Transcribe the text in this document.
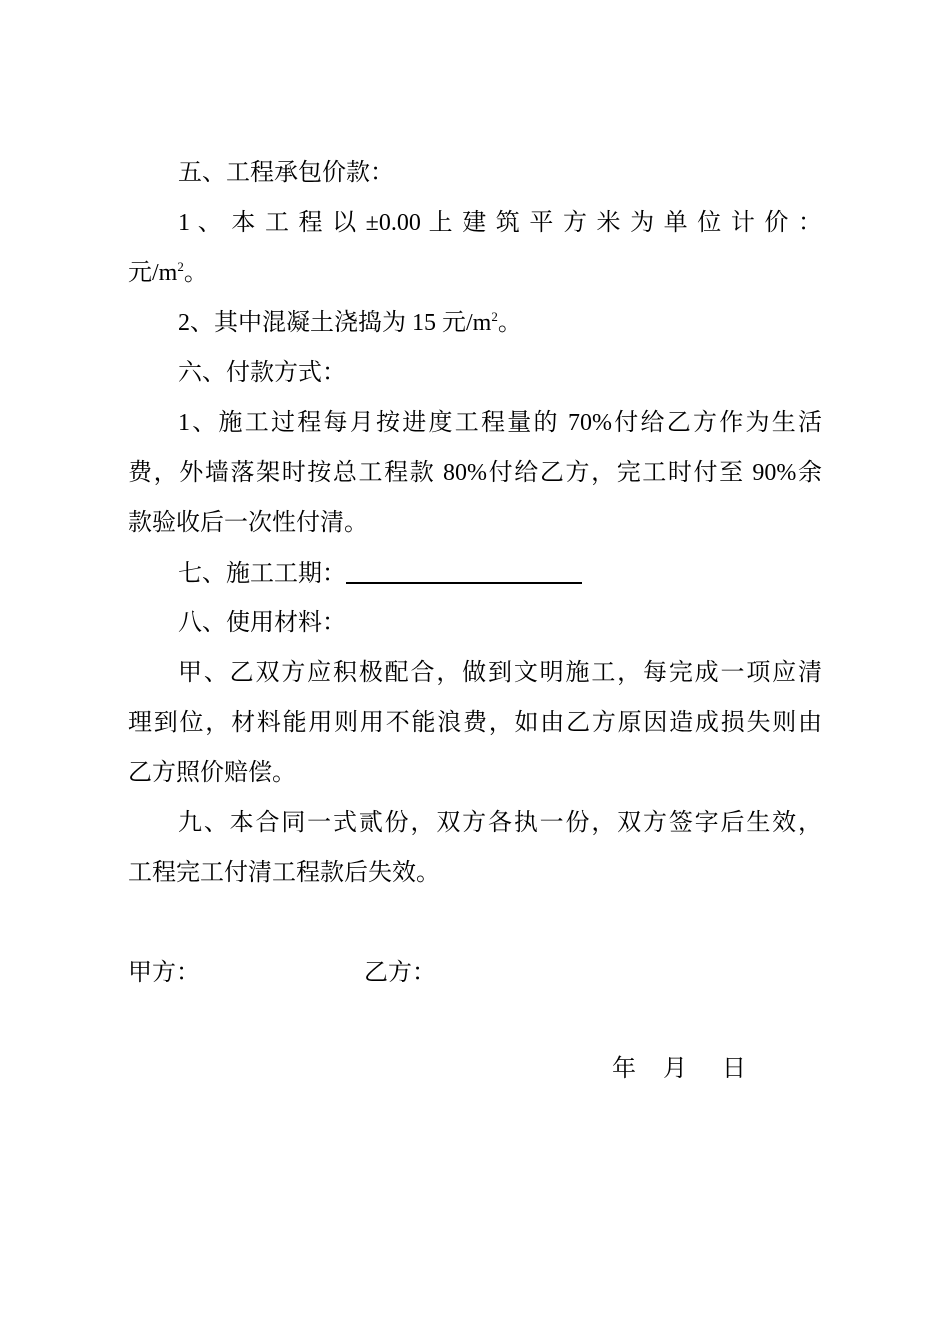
五、工程承包价款：
1 、 本 工 程 以 ±0.00 上 建 筑 平 方 米 为 单 位 计 价 ：
元$/m^2$。
2、其中混凝土浇捣为 15 元$/m^2$。
六、付款方式：
1、施工过程每月按进度工程量的 70%付给乙方作为生活
费，外墙落架时按总工程款 80%付给乙方，完工时付至 90%余
款验收后一次性付清。
七、施工工期：
八、使用材料：
甲、乙双方应积极配合，做到文明施工，每完成一项应清
理到位，材料能用则用不能浪费，如由乙方原因造成损失则由
乙方照价赔偿。
九、本合同一式贰份，双方各执一份，双方签字后生效，
工程完工付清工程款后失效。
甲方：	乙方：
年 月 日
